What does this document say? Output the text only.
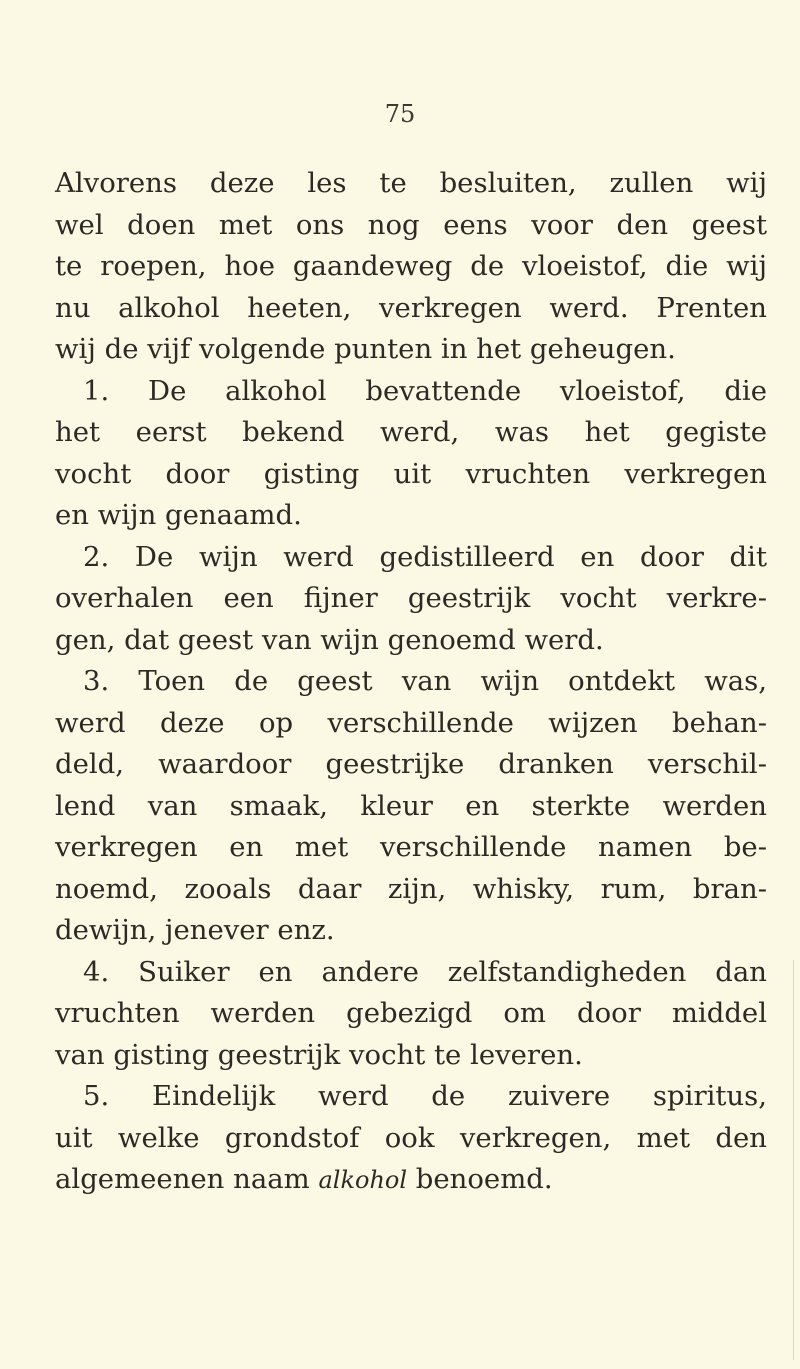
75
Alvorens deze les te besluiten, zullen wij
wel doen met ons nog eens voor den geest
te roepen, hoe gaandeweg de vloeistof, die wij
nu alkohol heeten, verkregen werd. Prenten
wij de vijf volgende punten in het geheugen.
1. De alkohol bevattende vloeistof, die
het eerst bekend werd, was het gegiste
vocht door gisting uit vruchten verkregen
en wijn genaamd.
2. De wijn werd gedistilleerd en door dit
overhalen een fijner geestrijk vocht verkre-
gen, dat geest van wijn genoemd werd.
3. Toen de geest van wijn ontdekt was,
werd deze op verschillende wijzen behan-
deld, waardoor geestrijke dranken verschil-
lend van smaak, kleur en sterkte werden
verkregen en met verschillende namen be-
noemd, zooals daar zijn, whisky, rum, bran-
dewijn, jenever enz.
4. Suiker en andere zelfstandigheden dan
vruchten werden gebezigd om door middel
van gisting geestrijk vocht te leveren.
5. Eindelijk werd de zuivere spiritus,
uit welke grondstof ook verkregen, met den
algemeenen naam alkohol benoemd.
